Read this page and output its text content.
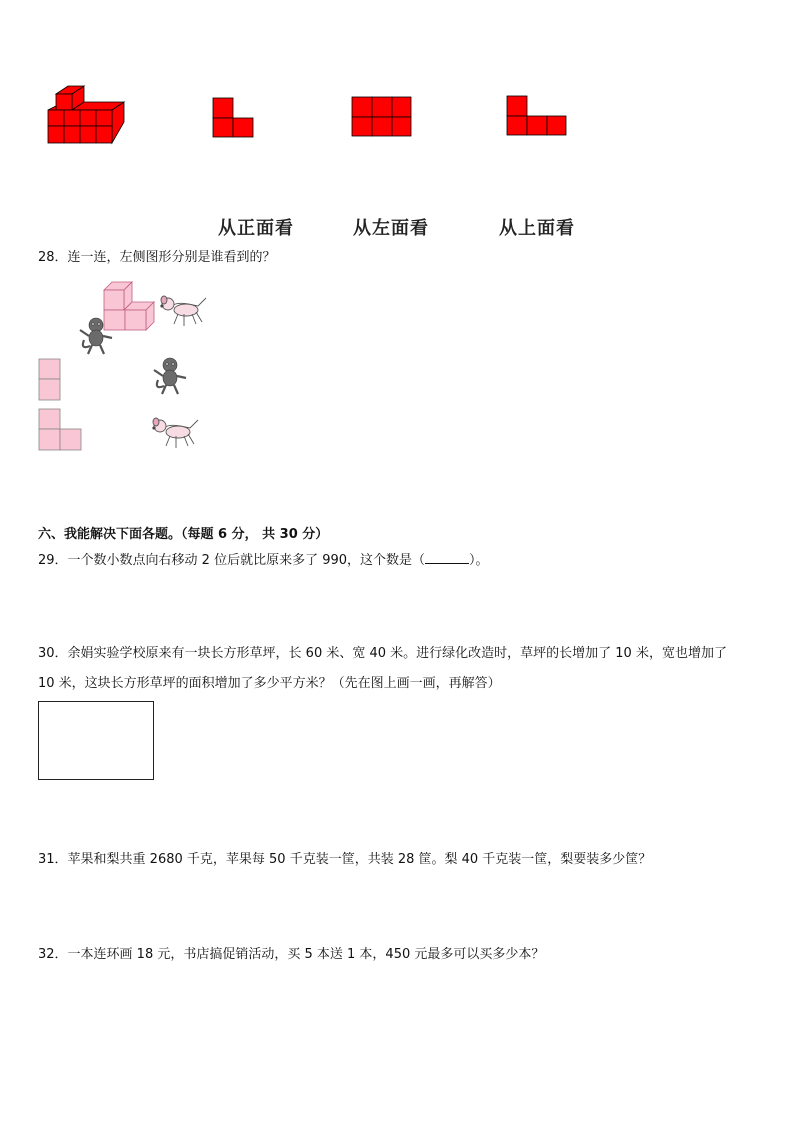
从正面看	从左面看	从上面看
28．连一连，左侧图形分别是谁看到的？
六、我能解决下面各题。（每题 6 分， 共 30 分）
29．一个数小数点向右移动 2 位后就比原来多了 990，这个数是（	）。
30．余娟实验学校原来有一块长方形草坪，长 60 米、宽 40 米。进行绿化改造时，草坪的长增加了 10 米，宽也增加了
10 米，这块长方形草坪的面积增加了多少平方米？（先在图上画一画，再解答）
31．苹果和梨共重 2680 千克，苹果每 50 千克装一筐，共装 28 筐。梨 40 千克装一筐，梨要装多少筐？
32．一本连环画 18 元，书店搞促销活动，买 5 本送 1 本，450 元最多可以买多少本？
